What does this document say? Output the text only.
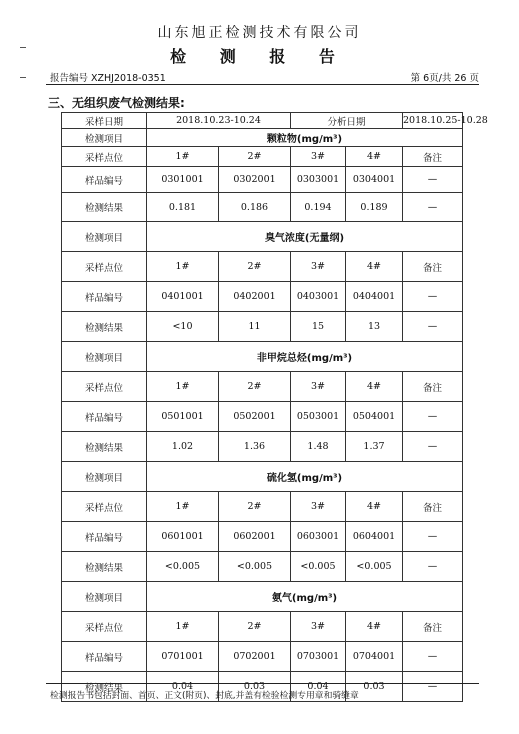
山东旭正检测技术有限公司
检 测 报 告
报告编号 XZHJ2018-0351	第 6页/共 26 页
三、无组织废气检测结果:
采样日期	2018.10.23-10.24		分析日期		2018.10.25-10.28
检测项目	颗粒物(mg/m³)				
采样点位	1#	2#	3#	4#	备注
样品编号	0301001	0302001	0303001	0304001	—
检测结果	0.181	0.186	0.194	0.189	—
检测项目	臭气浓度(无量纲)				
采样点位	1#	2#	3#	4#	备注
样品编号	0401001	0402001	0403001	0404001	—
检测结果	<10	11	15	13	—
检测项目	非甲烷总烃(mg/m³)				
采样点位	1#	2#	3#	4#	备注
样品编号	0501001	0502001	0503001	0504001	—
检测结果	1.02	1.36	1.48	1.37	—
检测项目	硫化氢(mg/m³)				
采样点位	1#	2#	3#	4#	备注
样品编号	0601001	0602001	0603001	0604001	—
检测结果	<0.005	<0.005	<0.005	<0.005	—
检测项目	氨气(mg/m³)				
采样点位	1#	2#	3#	4#	备注
样品编号	0701001	0702001	0703001	0704001	—
检测结果	0.04	0.03	0.04	0.03	—
检测报告书包括封面、首页、正文(附页)、封底,并盖有检验检测专用章和骑缝章
